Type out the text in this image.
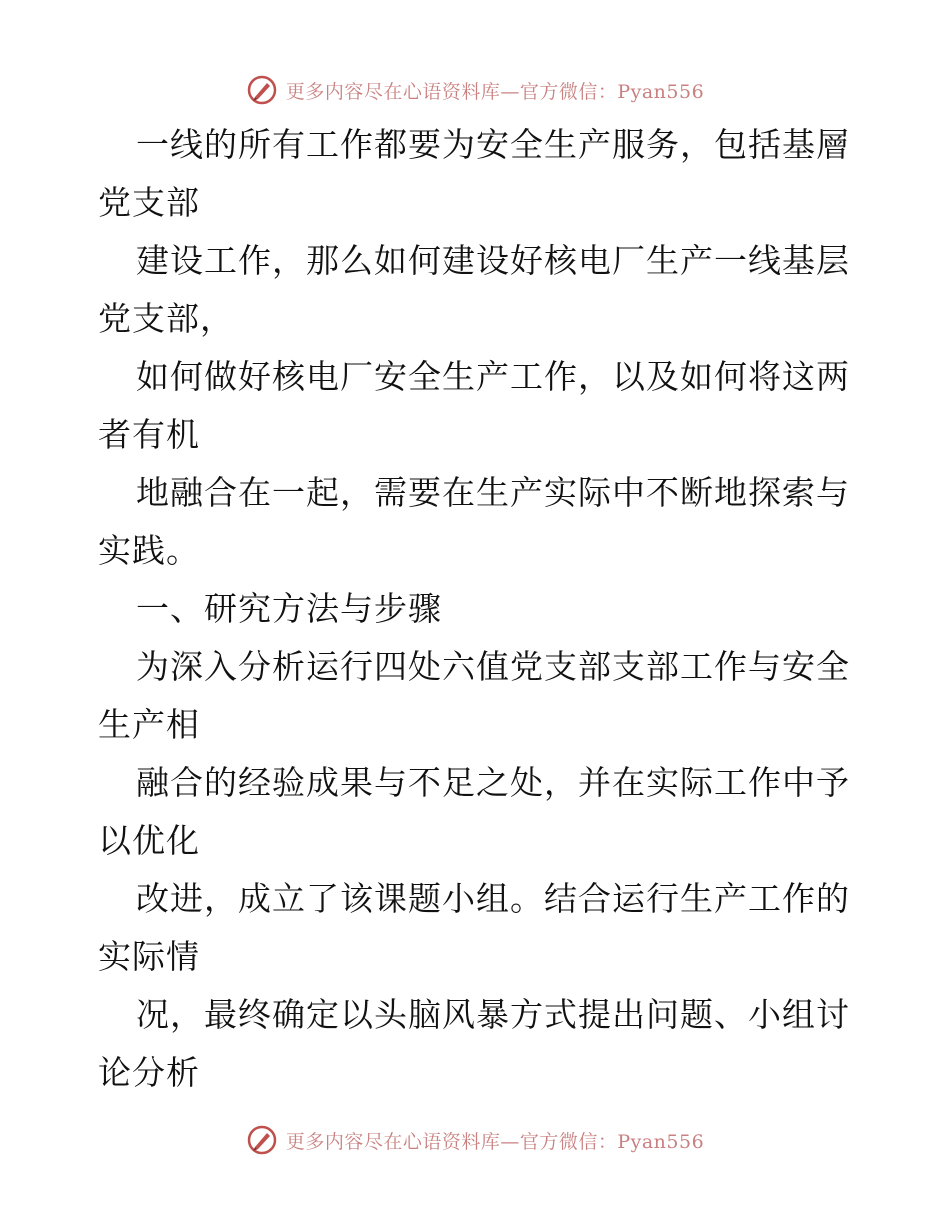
更多内容尽在心语资料库—官方微信：Pyan556
一线的所有工作都要为安全生产服务，包括基層
党支部
建设工作，那么如何建设好核电厂生产一线基层
党支部，
如何做好核电厂安全生产工作，以及如何将这两
者有机
地融合在一起，需要在生产实际中不断地探索与
实践。
一、研究方法与步骤
为深入分析运行四处六值党支部支部工作与安全
生产相
融合的经验成果与不足之处，并在实际工作中予
以优化
改进，成立了该课题小组。结合运行生产工作的
实际情
况，最终确定以头脑风暴方式提出问题、小组讨
论分析
更多内容尽在心语资料库—官方微信：Pyan556
